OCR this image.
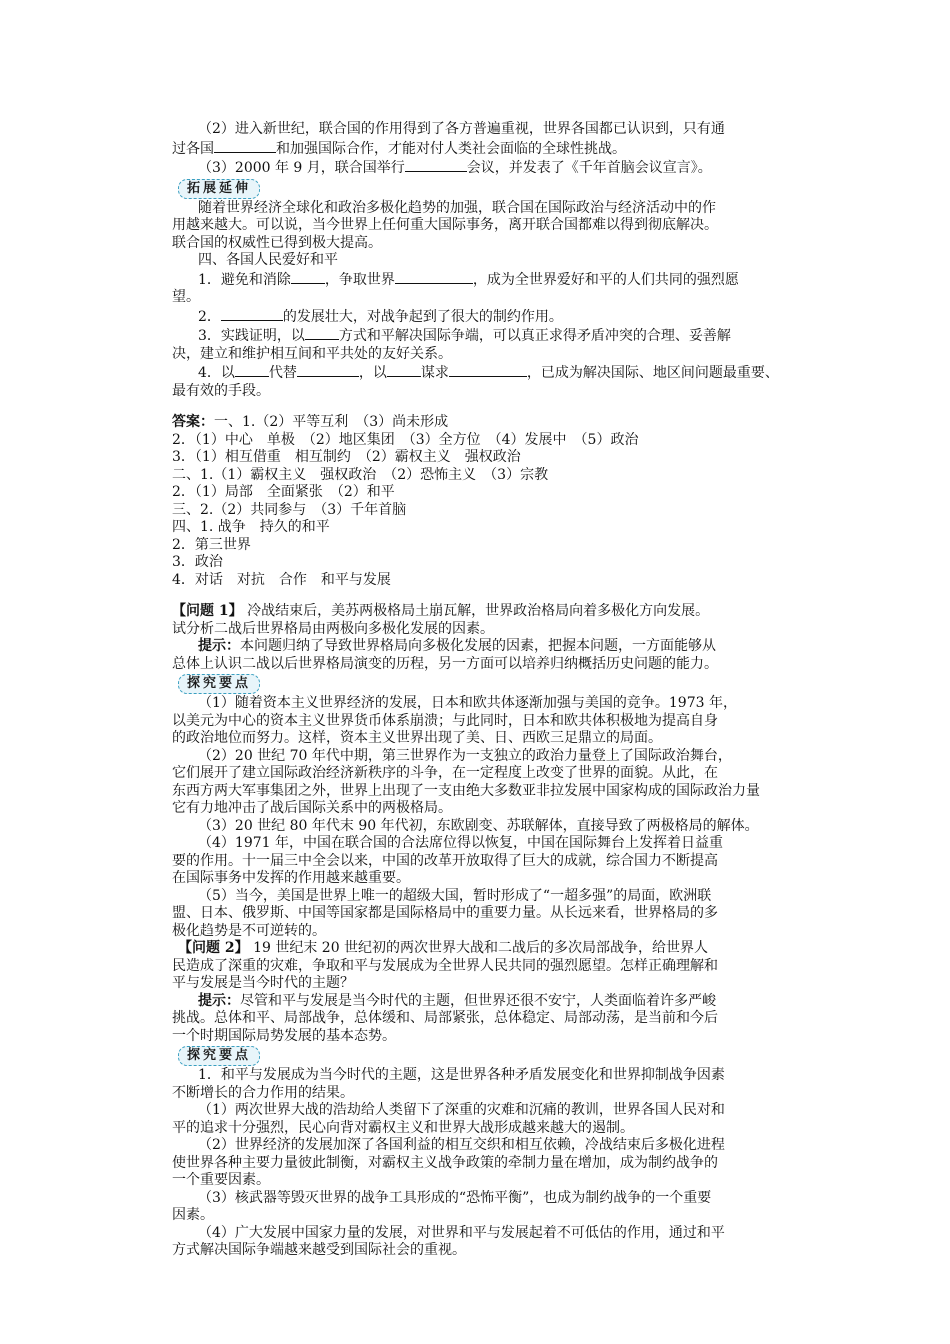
（2）进入新世纪，联合国的作用得到了各方普遍重视，世界各国都已认识到，只有通
过各国	和加强国际合作，才能对付人类社会面临的全球性挑战。
（3）2000 年 9 月，联合国举行	会议，并发表了《千年首脑会议宣言》。
拓展延伸
随着世界经济全球化和政治多极化趋势的加强，联合国在国际政治与经济活动中的作
用越来越大。可以说，当今世界上任何重大国际事务，离开联合国都难以得到彻底解决。
联合国的权威性已得到极大提高。
四、各国人民爱好和平
1．避免和消除 ，争取世界	，成为全世界爱好和平的人们共同的强烈愿
望。
2．	的发展壮大，对战争起到了很大的制约作用。
3．实践证明，以 方式和平解决国际争端，可以真正求得矛盾冲突的合理、妥善解
决，建立和维护相互间和平共处的友好关系。
4．以 代替	，以 谋求	，已成为解决国际、地区间问题最重要、
最有效的手段。
答案：一、1.（2）平等互利　（3）尚未形成
2．（1）中心　单极　（2）地区集团　（3）全方位　（4）发展中　（5）政治
3．（1）相互借重　相互制约　（2）霸权主义　强权政治
二、1.（1）霸权主义　强权政治　（2）恐怖主义　（3）宗教
2．（1）局部　全面紧张　（2）和平
三、2.（2）共同参与　（3）千年首脑
四、1. 战争　持久的和平
2．第三世界
3．政治
4．对话　对抗　合作　和平与发展
【问题 1】 冷战结束后，美苏两极格局土崩瓦解，世界政治格局向着多极化方向发展。
试分析二战后世界格局由两极向多极化发展的因素。
提示：本问题归纳了导致世界格局向多极化发展的因素，把握本问题，一方面能够从
总体上认识二战以后世界格局演变的历程，另一方面可以培养归纳概括历史问题的能力。
探究要点
（1）随着资本主义世界经济的发展，日本和欧共体逐渐加强与美国的竞争。1973 年，
以美元为中心的资本主义世界货币体系崩溃；与此同时，日本和欧共体积极地为提高自身
的政治地位而努力。这样，资本主义世界出现了美、日、西欧三足鼎立的局面。
（2）20 世纪 70 年代中期，第三世界作为一支独立的政治力量登上了国际政治舞台，
它们展开了建立国际政治经济新秩序的斗争，在一定程度上改变了世界的面貌。从此，在
东西方两大军事集团之外，世界上出现了一支由绝大多数亚非拉发展中国家构成的国际政治力量
它有力地冲击了战后国际关系中的两极格局。
（3）20 世纪 80 年代末 90 年代初，东欧剧变、苏联解体，直接导致了两极格局的解体。
（4）1971 年，中国在联合国的合法席位得以恢复，中国在国际舞台上发挥着日益重
要的作用。十一届三中全会以来，中国的改革开放取得了巨大的成就，综合国力不断提高
在国际事务中发挥的作用越来越重要。
（5）当今，美国是世界上唯一的超级大国，暂时形成了“一超多强”的局面，欧洲联
盟、日本、俄罗斯、中国等国家都是国际格局中的重要力量。从长远来看，世界格局的多
极化趋势是不可逆转的。
【问题 2】 19 世纪末 20 世纪初的两次世界大战和二战后的多次局部战争，给世界人
民造成了深重的灾难，争取和平与发展成为全世界人民共同的强烈愿望。怎样正确理解和
平与发展是当今时代的主题？
提示：尽管和平与发展是当今时代的主题，但世界还很不安宁，人类面临着许多严峻
挑战。总体和平、局部战争，总体缓和、局部紧张，总体稳定、局部动荡，是当前和今后
一个时期国际局势发展的基本态势。
探究要点
1．和平与发展成为当今时代的主题，这是世界各种矛盾发展变化和世界抑制战争因素
不断增长的合力作用的结果。
（1）两次世界大战的浩劫给人类留下了深重的灾难和沉痛的教训，世界各国人民对和
平的追求十分强烈，民心向背对霸权主义和世界大战形成越来越大的遏制。
（2）世界经济的发展加深了各国利益的相互交织和相互依赖，冷战结束后多极化进程
使世界各种主要力量彼此制衡，对霸权主义战争政策的牵制力量在增加，成为制约战争的
一个重要因素。
（3）核武器等毁灭世界的战争工具形成的“恐怖平衡”，也成为制约战争的一个重要
因素。
（4）广大发展中国家力量的发展，对世界和平与发展起着不可低估的作用，通过和平
方式解决国际争端越来越受到国际社会的重视。
